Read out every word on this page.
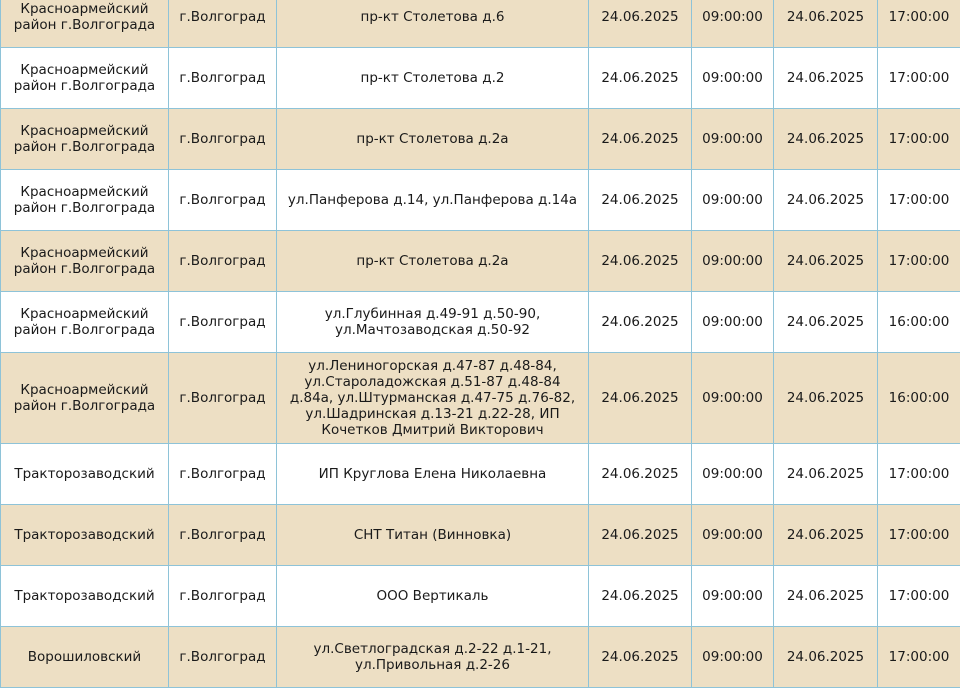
Красноармейский район г.Волгограда	г.Волгоград	пр-кт Столетова д.6	24.06.2025	09:00:00	24.06.2025	17:00:00
Красноармейский район г.Волгограда	г.Волгоград	пр-кт Столетова д.2	24.06.2025	09:00:00	24.06.2025	17:00:00
Красноармейский район г.Волгограда	г.Волгоград	пр-кт Столетова д.2а	24.06.2025	09:00:00	24.06.2025	17:00:00
Красноармейский район г.Волгограда	г.Волгоград	ул.Панферова д.14, ул.Панферова д.14а	24.06.2025	09:00:00	24.06.2025	17:00:00
Красноармейский район г.Волгограда	г.Волгоград	пр-кт Столетова д.2а	24.06.2025	09:00:00	24.06.2025	17:00:00
Красноармейский район г.Волгограда	г.Волгоград	ул.Глубинная д.49-91 д.50-90, ул.Мачтозаводская д.50-92	24.06.2025	09:00:00	24.06.2025	16:00:00
Красноармейский район г.Волгограда	г.Волгоград	ул.Лениногорская д.47-87 д.48-84, ул.Староладожская д.51-87 д.48-84 д.84а, ул.Штурманская д.47-75 д.76-82, ул.Шадринская д.13-21 д.22-28, ИП Кочетков Дмитрий Викторович	24.06.2025	09:00:00	24.06.2025	16:00:00
Тракторозаводский	г.Волгоград	ИП Круглова Елена Николаевна	24.06.2025	09:00:00	24.06.2025	17:00:00
Тракторозаводский	г.Волгоград	СНТ Титан (Винновка)	24.06.2025	09:00:00	24.06.2025	17:00:00
Тракторозаводский	г.Волгоград	ООО Вертикаль	24.06.2025	09:00:00	24.06.2025	17:00:00
Ворошиловский	г.Волгоград	ул.Светлоградская д.2-22 д.1-21, ул.Привольная д.2-26	24.06.2025	09:00:00	24.06.2025	17:00:00
